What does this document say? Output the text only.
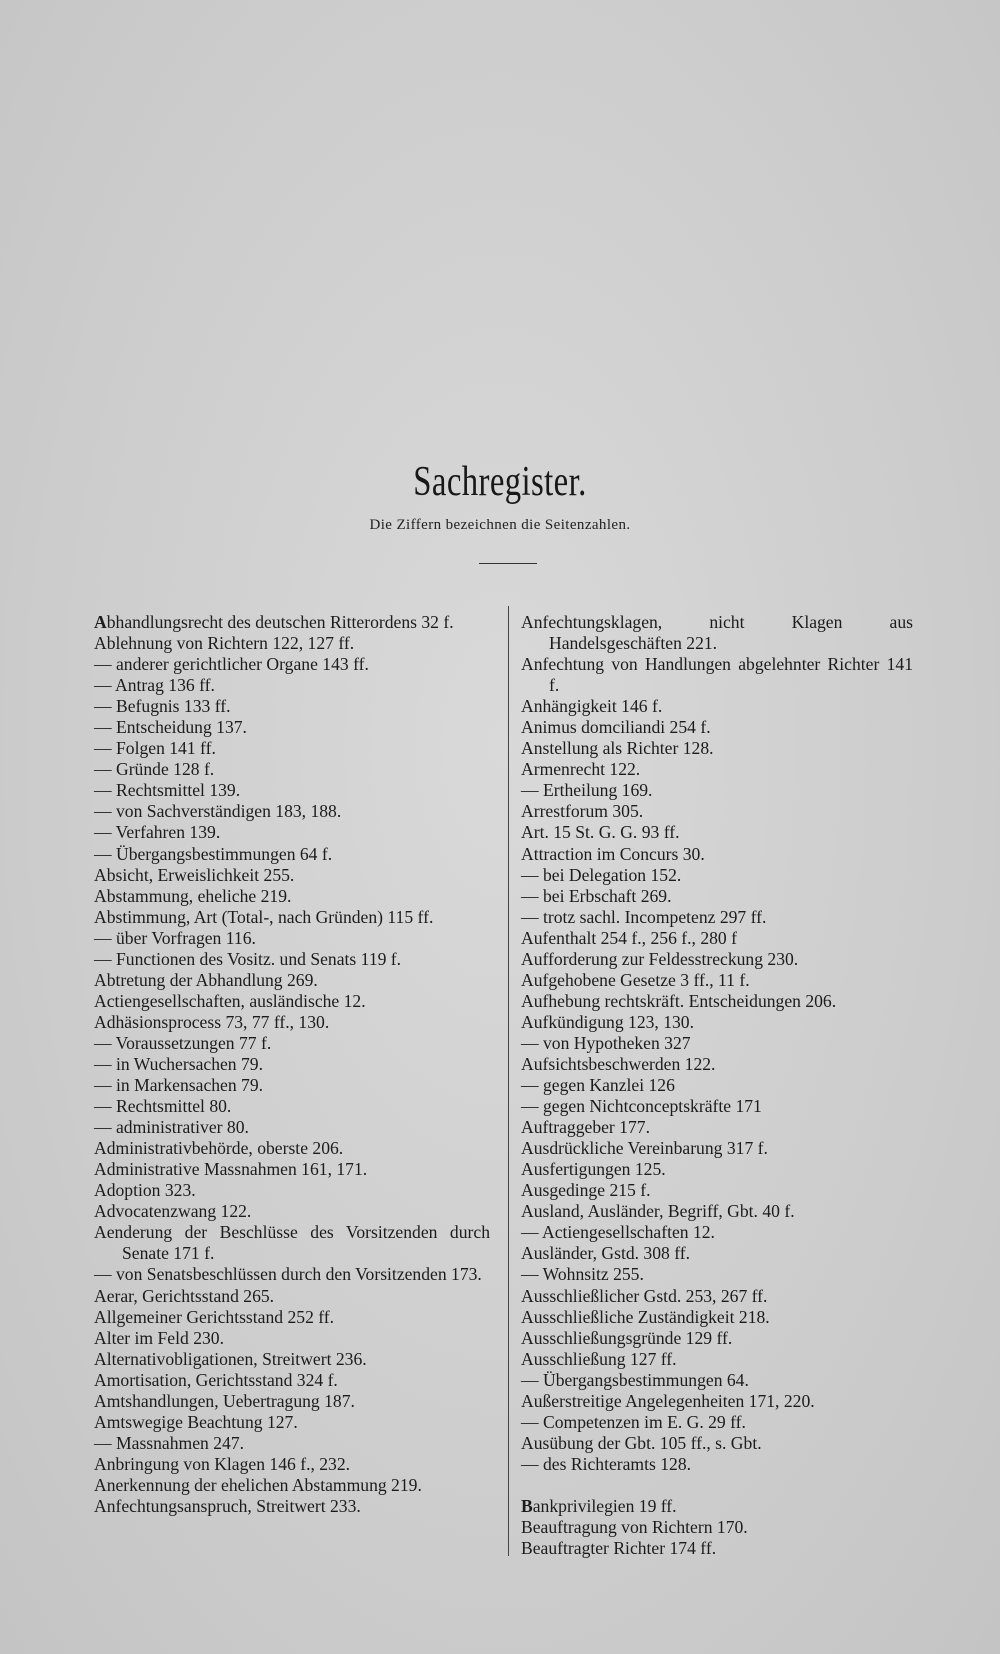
Sachregister.
Die Ziffern bezeichnen die Seitenzahlen.

Abhandlungsrecht des deutschen Ritterordens 32 f.

Ablehnung von Richtern 122, 127 ff.

— anderer gerichtlicher Organe 143 ff.

— Antrag 136 ff.

— Befugnis 133 ff.

— Entscheidung 137.

— Folgen 141 ff.

— Gründe 128 f.

— Rechtsmittel 139.

— von Sachverständigen 183, 188.

— Verfahren 139.

— Übergangsbestimmungen 64 f.

Absicht, Erweislichkeit 255.

Abstammung, eheliche 219.

Abstimmung, Art (Total-, nach Gründen) 115 ff.

— über Vorfragen 116.

— Functionen des Vositz. und Senats 119 f.

Abtretung der Abhandlung 269.

Actiengesellschaften, ausländische 12.

Adhäsionsprocess 73, 77 ff., 130.

— Voraussetzungen 77 f.

— in Wuchersachen 79.

— in Markensachen 79.

— Rechtsmittel 80.

— administrativer 80.

Administrativbehörde, oberste 206.

Administrative Massnahmen 161, 171.

Adoption 323.

Advocatenzwang 122.

Aenderung der Beschlüsse des Vorsitzenden durch Senate 171 f.

— von Senatsbeschlüssen durch den Vorsitzenden 173.

Aerar, Gerichtsstand 265.

Allgemeiner Gerichtsstand 252 ff.

Alter im Feld 230.

Alternativobligationen, Streitwert 236.

Amortisation, Gerichtsstand 324 f.

Amtshandlungen, Uebertragung 187.

Amtswegige Beachtung 127.

— Massnahmen 247.

Anbringung von Klagen 146 f., 232.

Anerkennung der ehelichen Abstammung 219.

Anfechtungsanspruch, Streitwert 233.

Anfechtungsklagen, nicht Klagen aus Handelsgeschäften 221.

Anfechtung von Handlungen abgelehnter Richter 141 f.

Anhängigkeit 146 f.

Animus domciliandi 254 f.

Anstellung als Richter 128.

Armenrecht 122.

— Ertheilung 169.

Arrestforum 305.

Art. 15 St. G. G. 93 ff.

Attraction im Concurs 30.

— bei Delegation 152.

— bei Erbschaft 269.

— trotz sachl. Incompetenz 297 ff.

Aufenthalt 254 f., 256 f., 280 f

Aufforderung zur Feldesstreckung 230.

Aufgehobene Gesetze 3 ff., 11 f.

Aufhebung rechtskräft. Entscheidungen 206.

Aufkündigung 123, 130.

— von Hypotheken 327

Aufsichtsbeschwerden 122.

— gegen Kanzlei 126

— gegen Nichtconceptskräfte 171

Auftraggeber 177.

Ausdrückliche Vereinbarung 317 f.

Ausfertigungen 125.

Ausgedinge 215 f.

Ausland, Ausländer, Begriff, Gbt. 40 f.

— Actiengesellschaften 12.

Ausländer, Gstd. 308 ff.

— Wohnsitz 255.

Ausschließlicher Gstd. 253, 267 ff.

Ausschließliche Zuständigkeit 218.

Ausschließungsgründe 129 ff.

Ausschließung 127 ff.

— Übergangsbestimmungen 64.

Außerstreitige Angelegenheiten 171, 220.

— Competenzen im E. G. 29 ff.

Ausübung der Gbt. 105 ff., s. Gbt.

— des Richteramts 128.

Bankprivilegien 19 ff.

Beauftragung von Richtern 170.

Beauftragter Richter 174 ff.
